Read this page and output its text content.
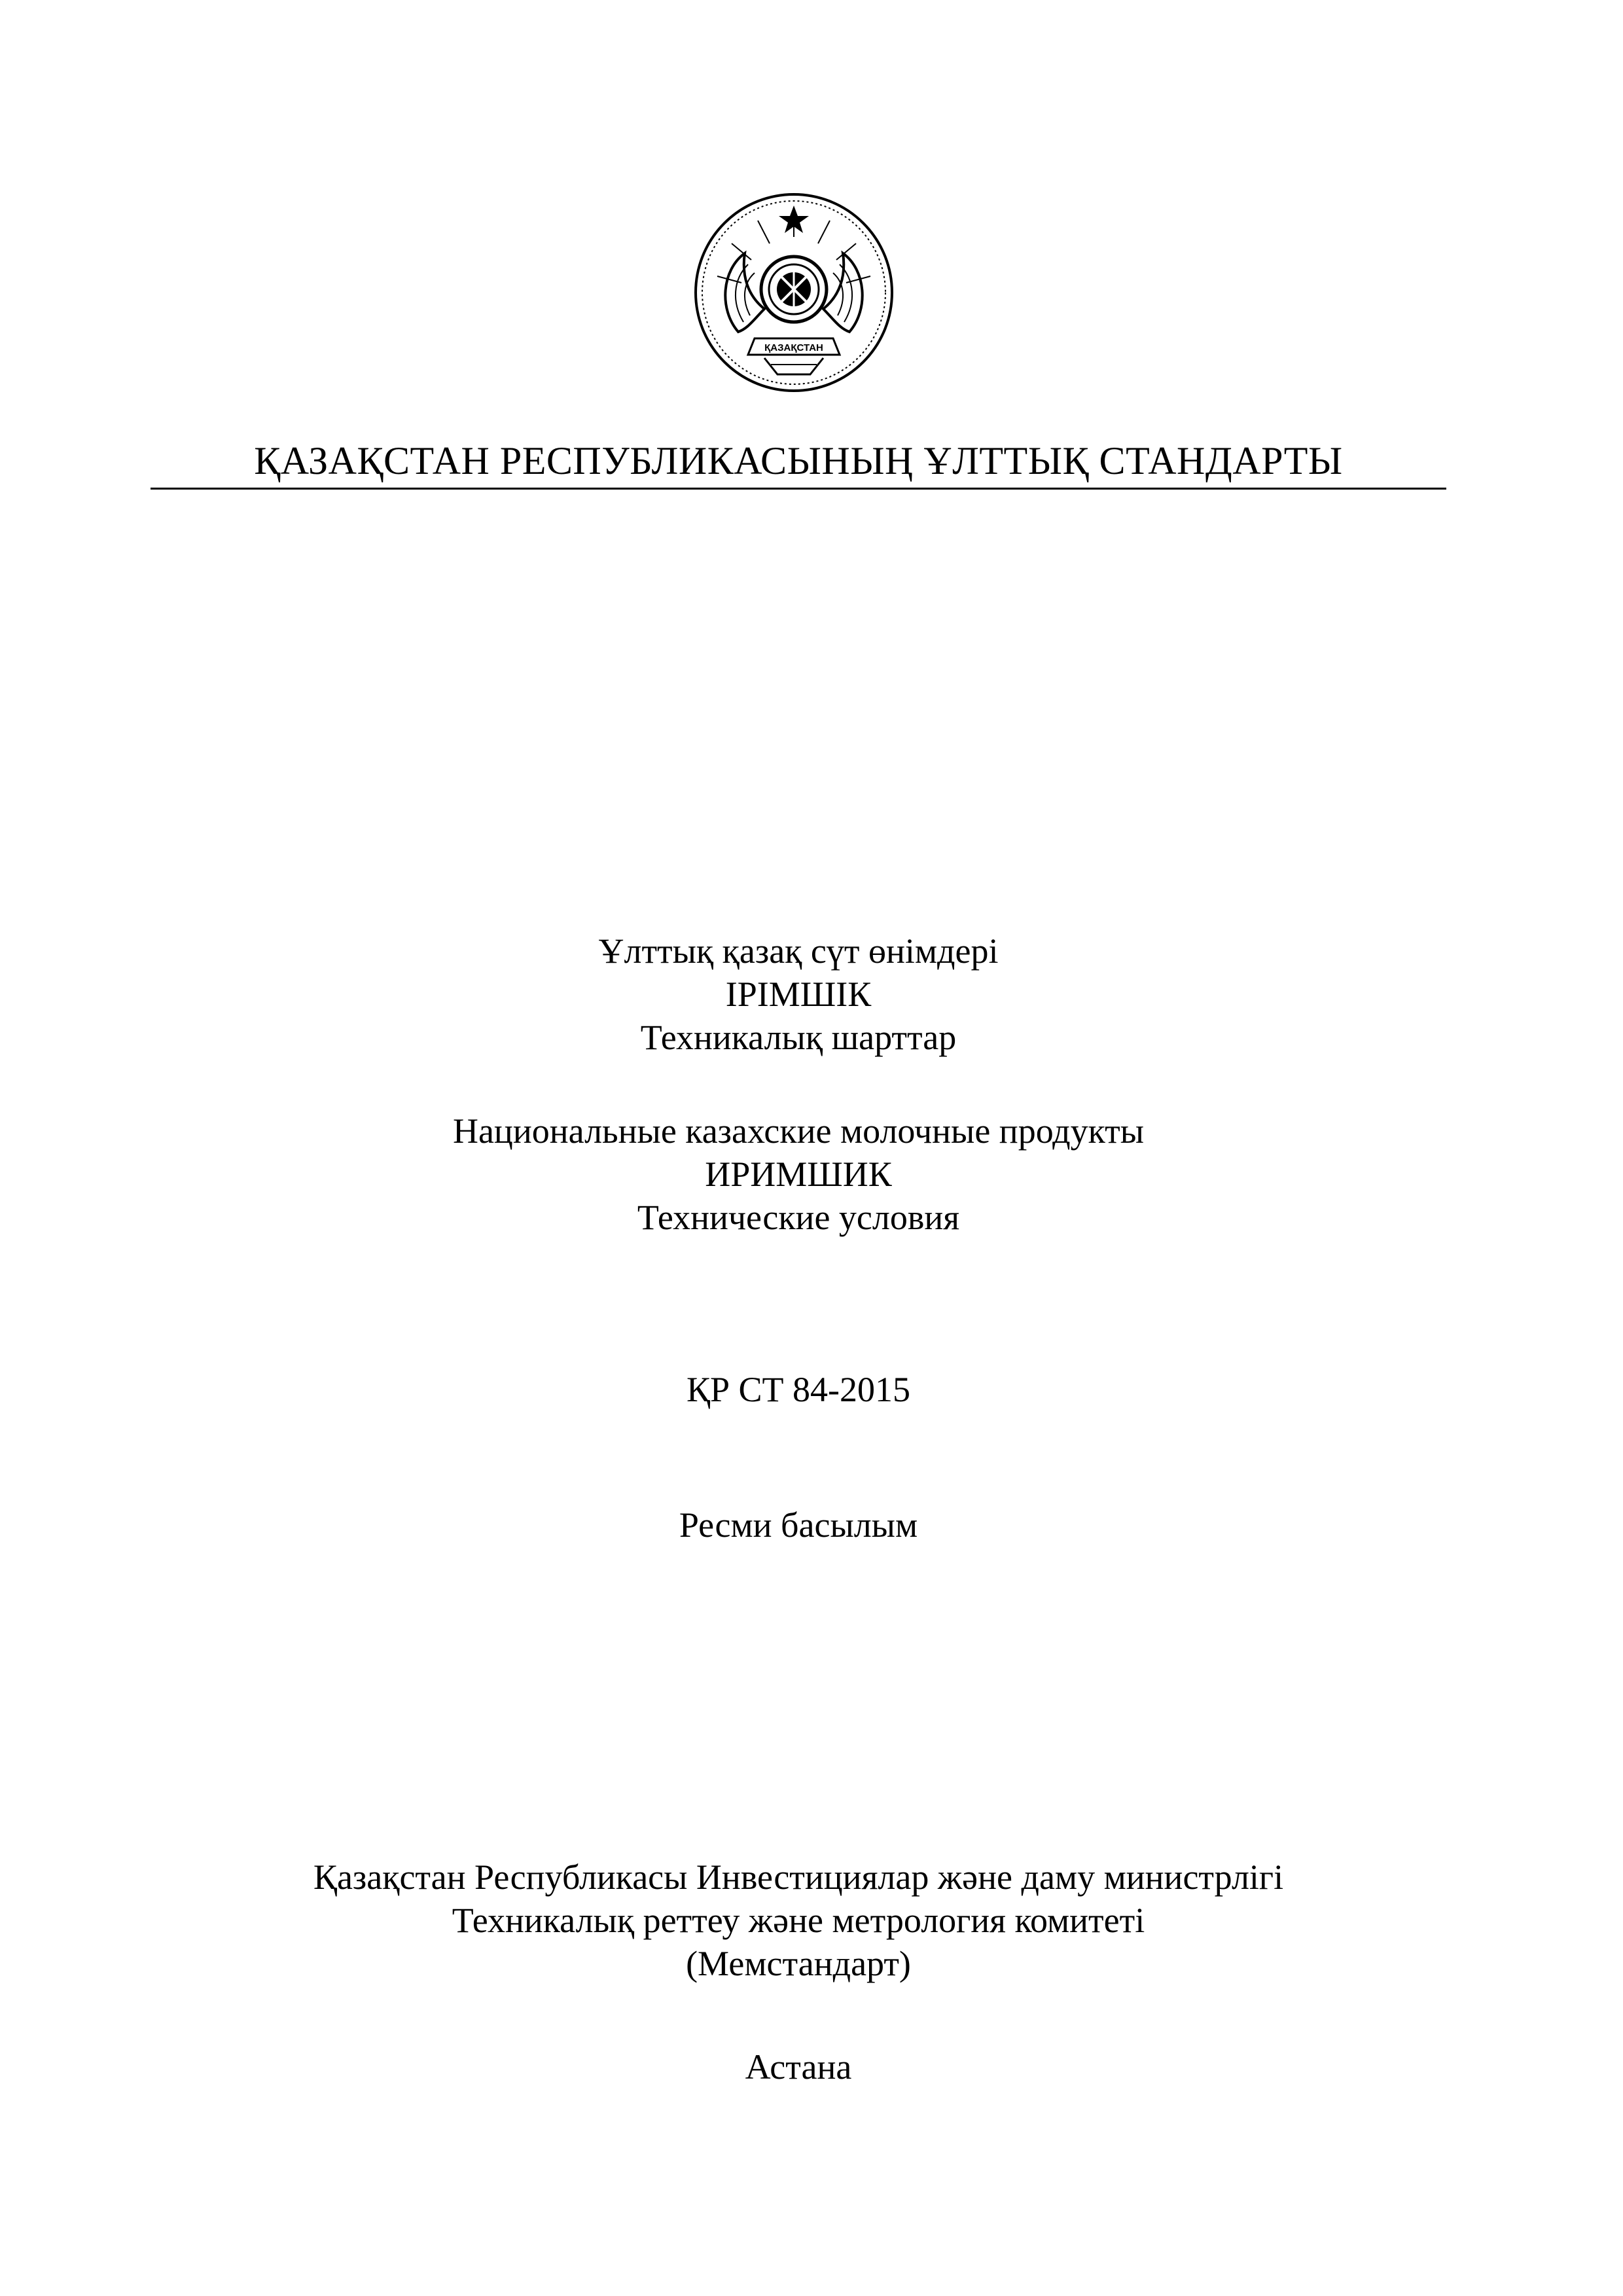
ҚАЗАҚСТАН
ҚАЗАҚСТАН РЕСПУБЛИКАСЫНЫҢ ҰЛТТЫҚ СТАНДАРТЫ
Ұлттық қазақ сүт өнімдері
ІРІМШІК
Техникалық шарттар
Национальные казахские молочные продукты
ИРИМШИК
Технические условия
ҚР СТ 84-2015
Ресми басылым
Қазақстан Республикасы Инвестициялар және даму министрлігі
Техникалық реттеу және метрология комитеті
(Мемстандарт)
Астана
